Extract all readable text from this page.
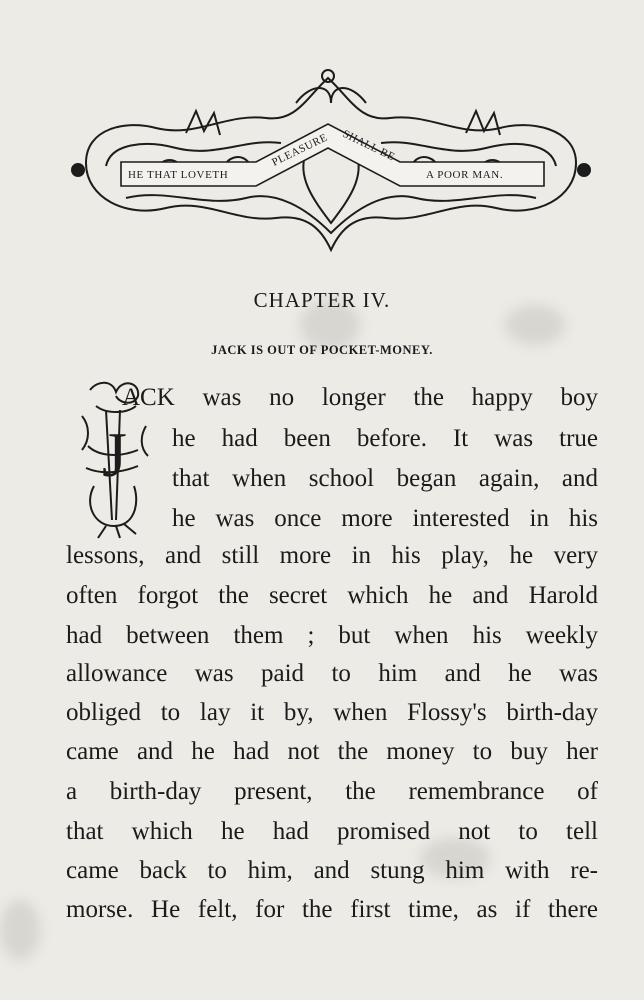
HE THAT LOVETH
PLEASURE SHALL BE
A POOR MAN.
CHAPTER IV.
JACK IS OUT OF POCKET-MONEY.
J
ACK was no longer the happy boy
he had been before. It was true
that when school began again, and
he was once more interested in his
lessons, and still more in his play, he very
often forgot the secret which he and Harold
had between them ; but when his weekly
allowance was paid to him and he was
obliged to lay it by, when Flossy's birth-day
came and he had not the money to buy her
a birth-day present, the remembrance of
that which he had promised not to tell
came back to him, and stung him with re-
morse. He felt, for the first time, as if there
